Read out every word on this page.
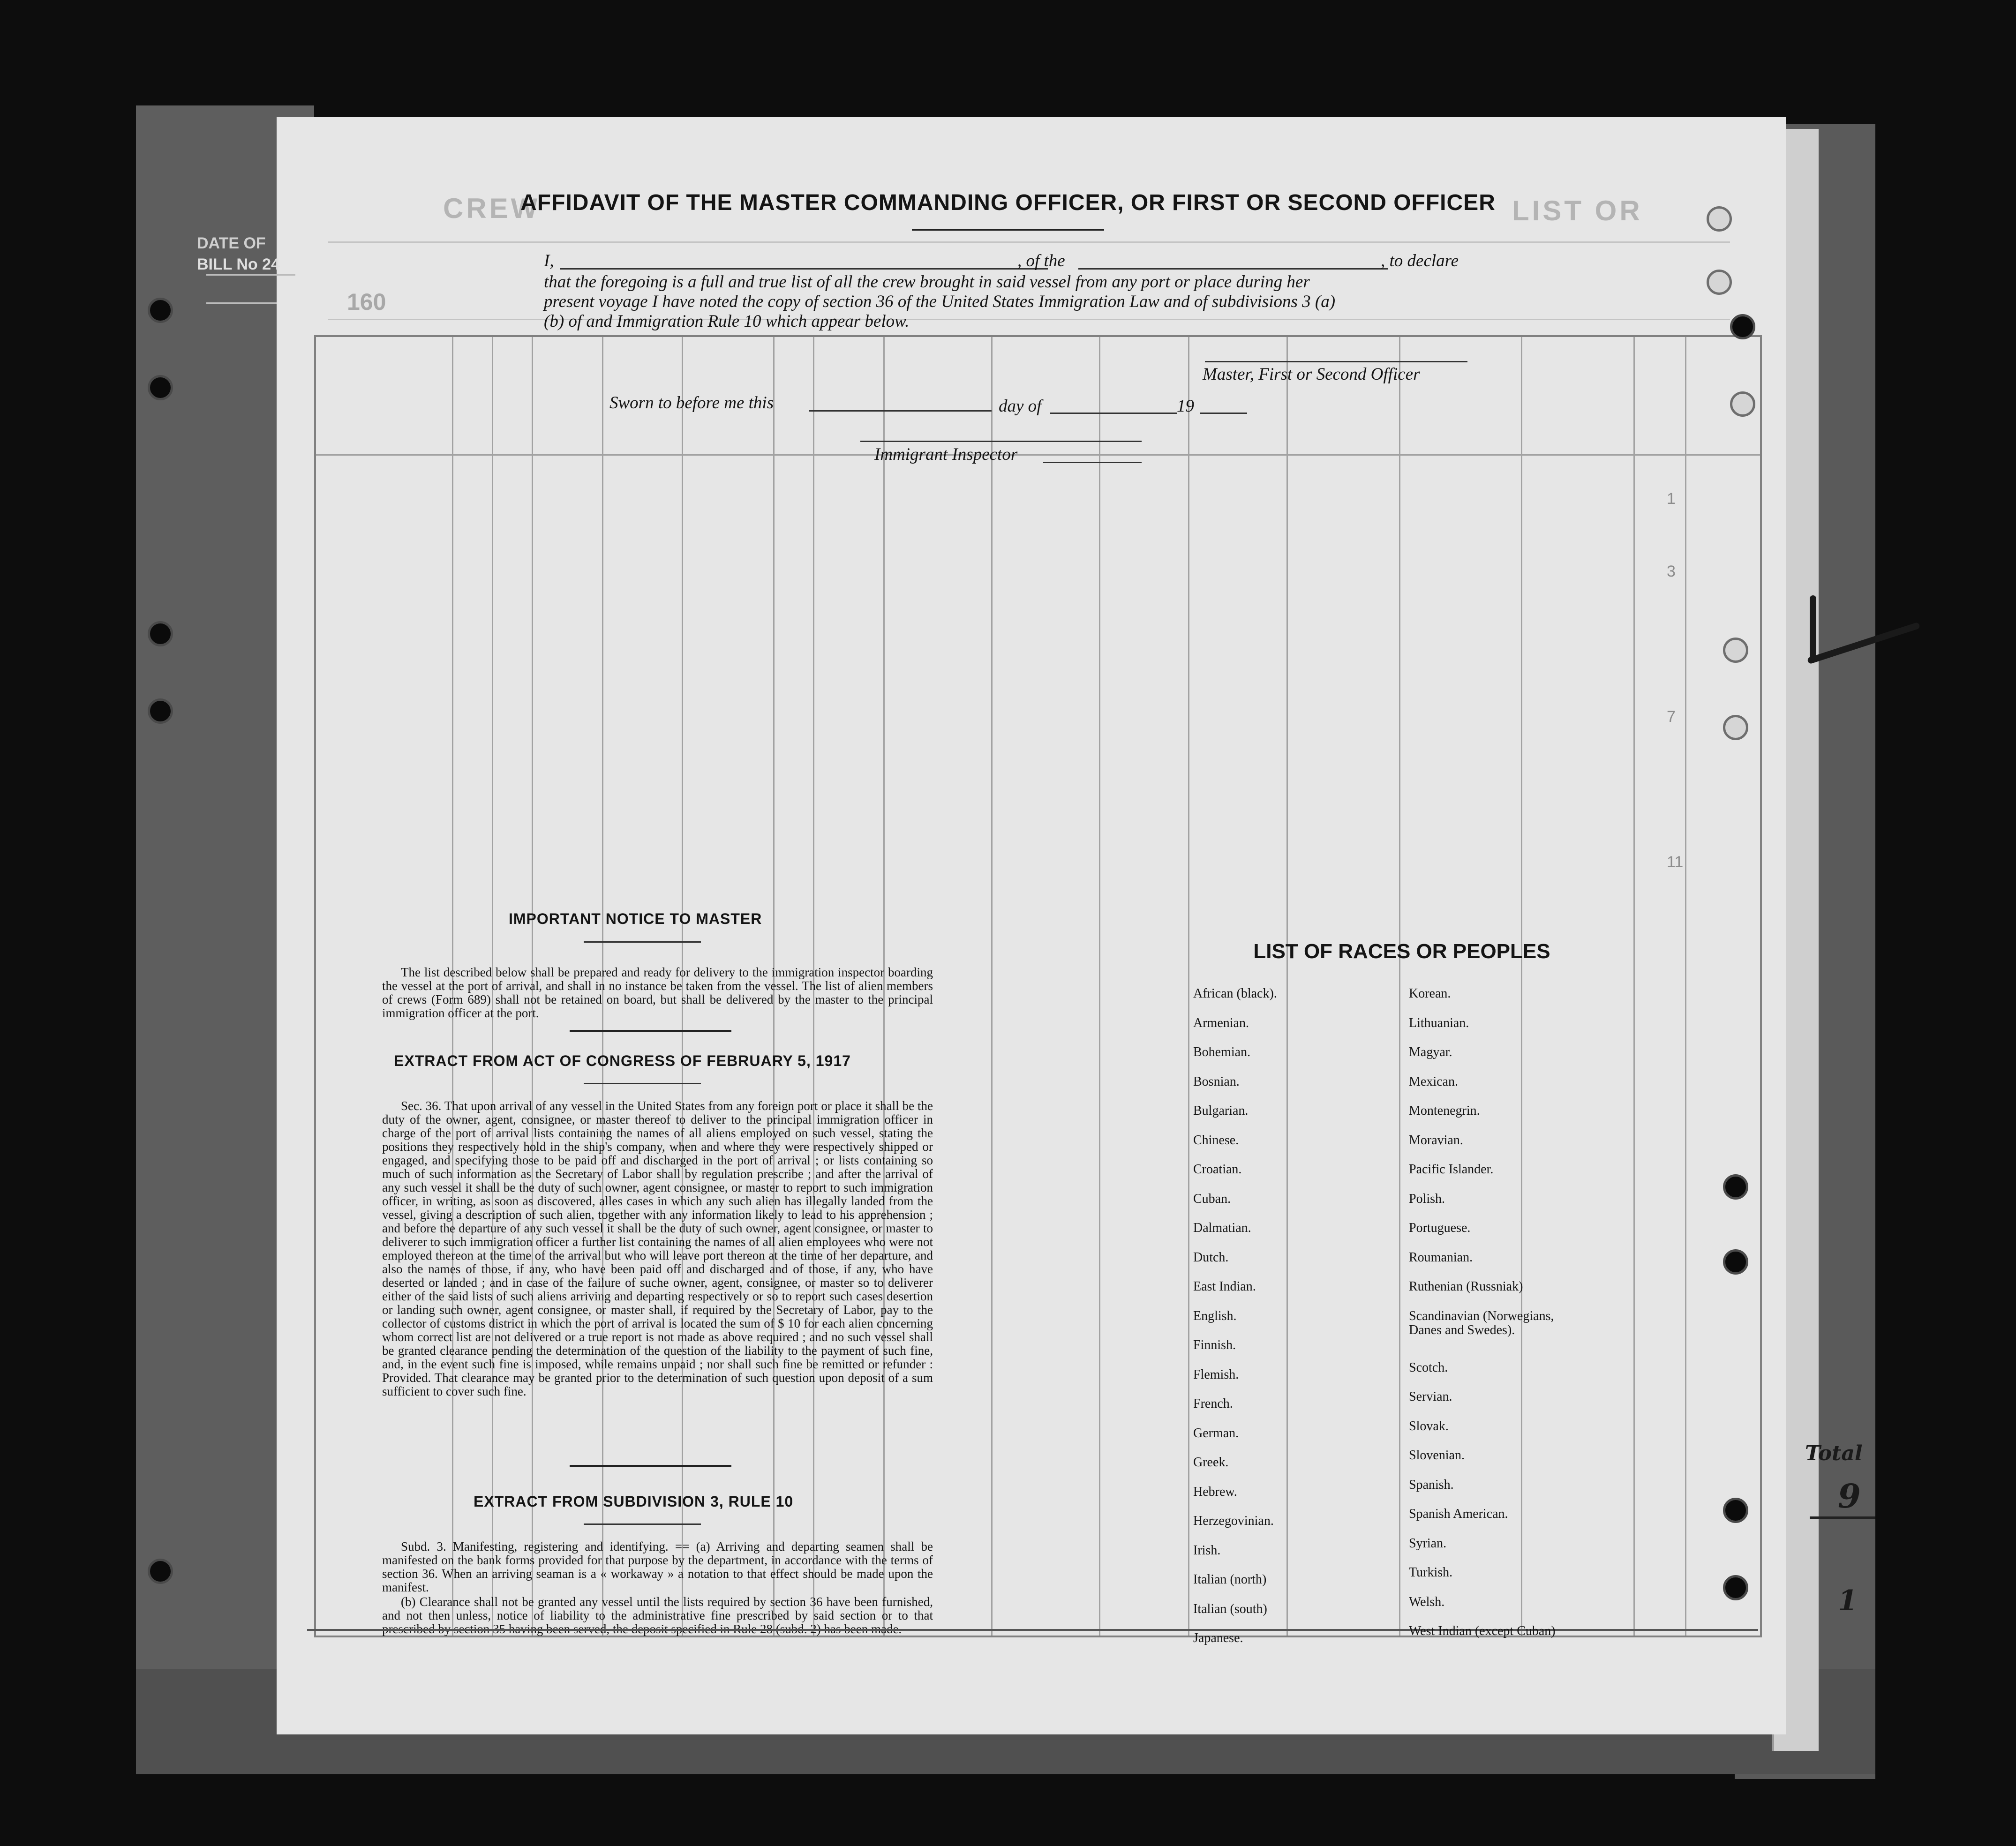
DATE OF
BILL No 24
CREW	LIST OR
160
1
3
7
11
Total
9
1
AFFIDAVIT OF THE MASTER COMMANDING OFFICER, OR FIRST OR SECOND OFFICER
I,	, of the	, to declare
that the foregoing is a full and true list of all the crew brought in said vessel from any port or place during her
present voyage I have noted the copy of section 36 of the United States Immigration Law and of subdivisions 3 (a)
(b) of and Immigration Rule 10 which appear below.
Master, First or Second Officer
Sworn to before me this	day of	19
Immigrant Inspector
IMPORTANT NOTICE TO MASTER

The list described below shall be prepared and ready for delivery to the immigration inspector boarding the vessel at the port of arrival, and shall in no instance be taken from the vessel. The list of alien members of crews (Form 689) shall not be retained on board, but shall be delivered by the master to the principal immigration officer at the port.

EXTRACT FROM ACT OF CONGRESS OF FEBRUARY 5, 1917

Sec. 36. That upon arrival of any vessel in the United States from any foreign port or place it shall be the duty of the owner, agent, consignee, or master thereof to deliver to the principal immigration officer in charge of the port of arrival lists containing the names of all aliens employed on such vessel, stating the positions they respectively hold in the ship's company, when and where they were respectively shipped or engaged, and specifying those to be paid off and discharged in the port of arrival ; or lists containing so much of such information as the Secretary of Labor shall by regulation prescribe ; and after the arrival of any such vessel it shall be the duty of such owner, agent consignee, or master to report to such immigration officer, in writing, as soon as discovered, alles cases in which any such alien has illegally landed from the vessel, giving a description of such alien, together with any information likely to lead to his apprehension ; and before the departure of any such vessel it shall be the duty of such owner, agent consignee, or master to deliverer to such immigration officer a further list containing the names of all alien employees who were not employed thereon at the time of the arrival but who will leave port thereon at the time of her departure, and also the names of those, if any, who have been paid off and discharged and of those, if any, who have deserted or landed ; and in case of the failure of suche owner, agent, consignee, or master so to deliverer either of the said lists of such aliens arriving and departing respectively or so to report such cases desertion or landing such owner, agent consignee, or master shall, if required by the Secretary of Labor, pay to the collector of customs district in which the port of arrival is located the sum of $ 10 for each alien concerning whom correct list are not delivered or a true report is not made as above required ; and no such vessel shall be granted clearance pending the determination of the question of the liability to the payment of such fine, and, in the event such fine is imposed, while remains unpaid ; nor shall such fine be remitted or refunder : Provided. That clearance may be granted prior to the determination of such question upon deposit of a sum sufficient to cover such fine.

EXTRACT FROM SUBDIVISION 3, RULE 10

Subd. 3. Manifesting, registering and identifying. == (a) Arriving and departing seamen shall be manifested on the bank forms provided for that purpose by the department, in accordance with the terms of section 36. When an arriving seaman is a « workaway » a notation to that effect should be made upon the manifest.

(b) Clearance shall not be granted any vessel until the lists required by section 36 have been furnished, and not then unless, notice of liability to the administrative fine prescribed by said section or to that

LIST OF RACES OR PEOPLES
African (black).
Armenian.
Bohemian.
Bosnian.
Bulgarian.
Chinese.
Croatian.
Cuban.
Dalmatian.
Dutch.
East Indian.
English.
Finnish.
Flemish.
French.
German.
Greek.
Hebrew.
Herzegovinian.
Irish.
Italian (north)
Italian (south)
Japanese.
Korean.
Lithuanian.
Magyar.
Mexican.
Montenegrin.
Moravian.
Pacific Islander.
Polish.
Portuguese.
Roumanian.
Ruthenian (Russniak)
Scandinavian (Norwegians,
Danes and Swedes).
Scotch.
Servian.
Slovak.
Slovenian.
Spanish.
Spanish American.
Syrian.
Turkish.
Welsh.
West Indian (except Cuban)
